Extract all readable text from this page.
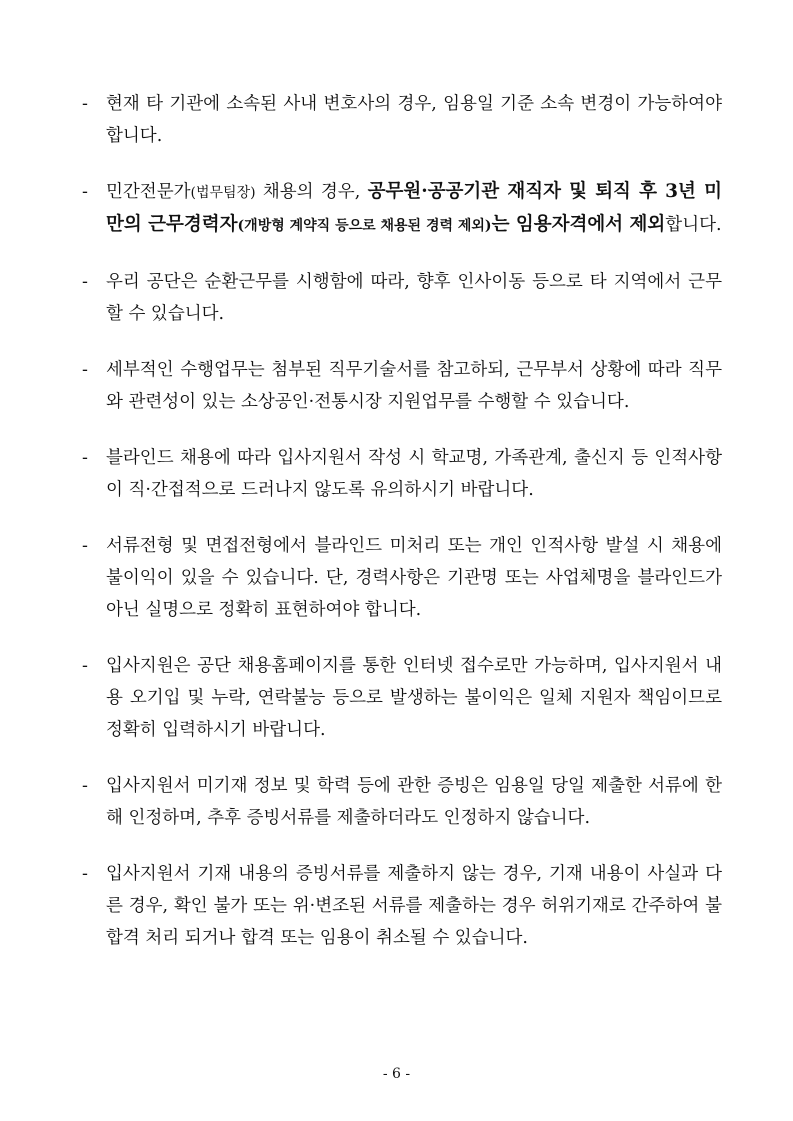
- 현재 타 기관에 소속된 사내 변호사의 경우, 임용일 기준 소속 변경이 가능하여야 합니다.
- 민간전문가(법무팀장) 채용의 경우, 공무원·공공기관 재직자 및 퇴직 후 3년 미만의 근무경력자(개방형 계약직 등으로 채용된 경력 제외)는 임용자격에서 제외합니다.
- 우리 공단은 순환근무를 시행함에 따라, 향후 인사이동 등으로 타 지역에서 근무할 수 있습니다.
- 세부적인 수행업무는 첨부된 직무기술서를 참고하되, 근무부서 상황에 따라 직무와 관련성이 있는 소상공인·전통시장 지원업무를 수행할 수 있습니다.
- 블라인드 채용에 따라 입사지원서 작성 시 학교명, 가족관계, 출신지 등 인적사항이 직·간접적으로 드러나지 않도록 유의하시기 바랍니다.
- 서류전형 및 면접전형에서 블라인드 미처리 또는 개인 인적사항 발설 시 채용에 불이익이 있을 수 있습니다. 단, 경력사항은 기관명 또는 사업체명을 블라인드가 아닌 실명으로 정확히 표현하여야 합니다.
- 입사지원은 공단 채용홈페이지를 통한 인터넷 접수로만 가능하며, 입사지원서 내용 오기입 및 누락, 연락불능 등으로 발생하는 불이익은 일체 지원자 책임이므로 정확히 입력하시기 바랍니다.
- 입사지원서 미기재 정보 및 학력 등에 관한 증빙은 임용일 당일 제출한 서류에 한해 인정하며, 추후 증빙서류를 제출하더라도 인정하지 않습니다.
- 입사지원서 기재 내용의 증빙서류를 제출하지 않는 경우, 기재 내용이 사실과 다른 경우, 확인 불가 또는 위·변조된 서류를 제출하는 경우 허위기재로 간주하여 불합격 처리 되거나 합격 또는 임용이 취소될 수 있습니다.
- 6 -
